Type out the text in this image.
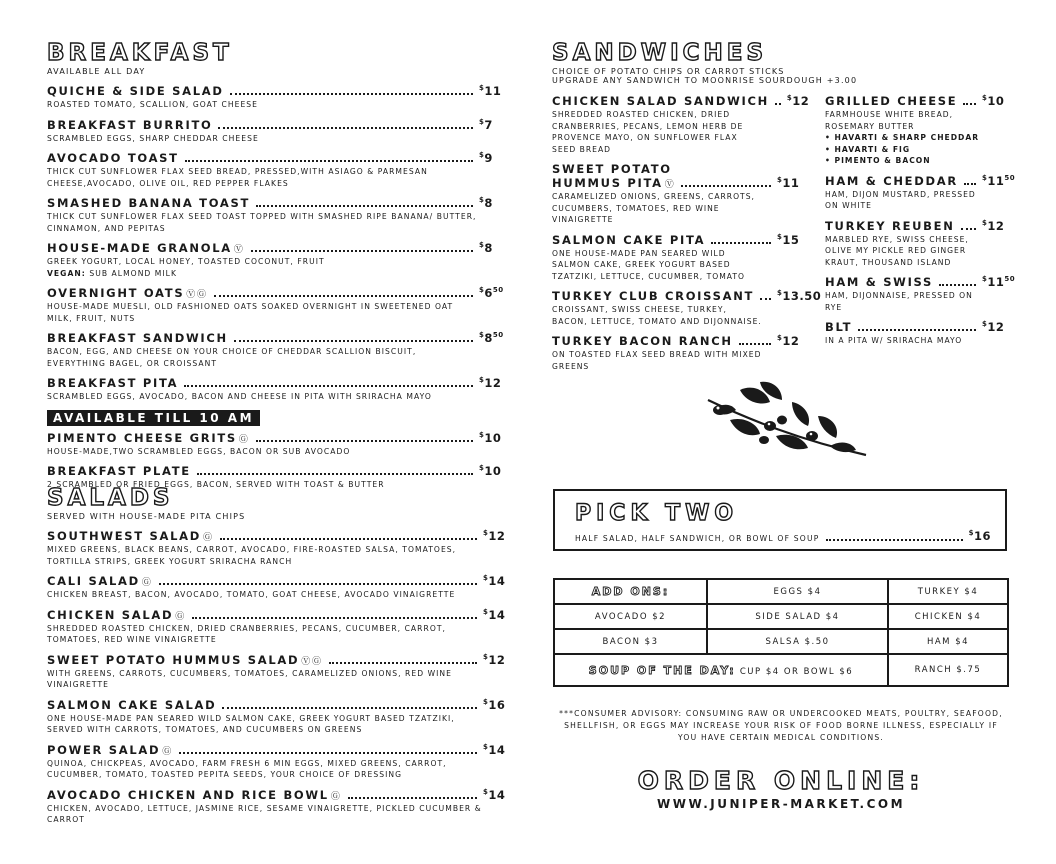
BREAKFAST
AVAILABLE ALL DAY
QUICHE & SIDE SALAD	$11
ROASTED TOMATO, SCALLION, GOAT CHEESE
BREAKFAST BURRITO	$7
SCRAMBLED EGGS, SHARP CHEDDAR CHEESE
AVOCADO TOAST	$9
THICK CUT SUNFLOWER FLAX SEED BREAD, PRESSED,WITH ASIAGO & PARMESAN CHEESE,AVOCADO, OLIVE OIL, RED PEPPER FLAKES
SMASHED BANANA TOAST	$8
THICK CUT SUNFLOWER FLAX SEED TOAST TOPPED WITH SMASHED RIPE BANANA/ BUTTER, CINNAMON, AND PEPITAS
HOUSE-MADE GRANOLA Ⓥ	$8
GREEK YOGURT, LOCAL HONEY, TOASTED COCONUT, FRUIT
VEGAN: SUB ALMOND MILK
OVERNIGHT OATS ⓋⒼ	$^{\$}6^{50}$
HOUSE-MADE MUESLI, OLD FASHIONED OATS SOAKED OVERNIGHT IN SWEETENED OAT MILK, FRUIT, NUTS
BREAKFAST SANDWICH	$^{\$}8^{50}$
BACON, EGG, AND CHEESE ON YOUR CHOICE OF CHEDDAR SCALLION BISCUIT, EVERYTHING BAGEL, OR CROISSANT
BREAKFAST PITA	$12
SCRAMBLED EGGS, AVOCADO, BACON AND CHEESE IN PITA WITH SRIRACHA MAYO
AVAILABLE TILL 10 AM
PIMENTO CHEESE GRITS Ⓖ	$10
HOUSE-MADE,TWO SCRAMBLED EGGS, BACON OR SUB AVOCADO
BREAKFAST PLATE	$10
2 SCRAMBLED OR FRIED EGGS, BACON, SERVED WITH TOAST & BUTTER
SALADS
SERVED WITH HOUSE-MADE PITA CHIPS
SOUTHWEST SALAD Ⓖ	$12
MIXED GREENS, BLACK BEANS, CARROT, AVOCADO, FIRE-ROASTED SALSA, TOMATOES, TORTILLA STRIPS, GREEK YOGURT SRIRACHA RANCH
CALI SALAD Ⓖ	$14
CHICKEN BREAST, BACON, AVOCADO, TOMATO, GOAT CHEESE, AVOCADO VINAIGRETTE
CHICKEN SALAD Ⓖ	$14
SHREDDED ROASTED CHICKEN, DRIED CRANBERRIES, PECANS, CUCUMBER, CARROT, TOMATOES, RED WINE VINAIGRETTE
SWEET POTATO HUMMUS SALAD ⓋⒼ	$12
WITH GREENS, CARROTS, CUCUMBERS, TOMATOES, CARAMELIZED ONIONS, RED WINE VINAIGRETTE
SALMON CAKE SALAD	$16
ONE HOUSE-MADE PAN SEARED WILD SALMON CAKE, GREEK YOGURT BASED TZATZIKI, SERVED WITH CARROTS, TOMATOES, AND CUCUMBERS ON GREENS
POWER SALAD Ⓖ	$14
QUINOA, CHICKPEAS, AVOCADO, FARM FRESH 6 MIN EGGS, MIXED GREENS, CARROT, CUCUMBER, TOMATO, TOASTED PEPITA SEEDS, YOUR CHOICE OF DRESSING
AVOCADO CHICKEN AND RICE BOWL Ⓖ	$14
CHICKEN, AVOCADO, LETTUCE, JASMINE RICE, SESAME VINAIGRETTE, PICKLED CUCUMBER & CARROT
SANDWICHES
CHOICE OF POTATO CHIPS OR CARROT STICKS
UPGRADE ANY SANDWICH TO MOONRISE SOURDOUGH +3.00
CHICKEN SALAD SANDWICH	$12
SHREDDED ROASTED CHICKEN, DRIED CRANBERRIES, PECANS, LEMON HERB DE PROVENCE MAYO, ON SUNFLOWER FLAX SEED BREAD
SWEET POTATO
HUMMUS PITA Ⓥ	$11
CARAMELIZED ONIONS, GREENS, CARROTS, CUCUMBERS, TOMATOES, RED WINE VINAIGRETTE
SALMON CAKE PITA	$15
ONE HOUSE-MADE PAN SEARED WILD SALMON CAKE, GREEK YOGURT BASED TZATZIKI, LETTUCE, CUCUMBER, TOMATO
TURKEY CLUB CROISSANT	$13.50
CROISSANT, SWISS CHEESE, TURKEY, BACON, LETTUCE, TOMATO AND DIJONNAISE.
TURKEY BACON RANCH	$12
ON TOASTED FLAX SEED BREAD WITH MIXED GREENS
GRILLED CHEESE	$10
FARMHOUSE WHITE BREAD, ROSEMARY BUTTER
• HAVARTI & SHARP CHEDDAR
• HAVARTI & FIG
• PIMENTO & BACON
HAM & CHEDDAR	$^{\$}11^{50}$
HAM, DIJON MUSTARD, PRESSED ON WHITE
TURKEY REUBEN	$12
MARBLED RYE, SWISS CHEESE, OLIVE MY PICKLE RED GINGER KRAUT, THOUSAND ISLAND
HAM & SWISS	$^{\$}11^{50}$
HAM, DIJONNAISE, PRESSED ON RYE
BLT	$12
IN A PITA W/ SRIRACHA MAYO
PICK TWO
HALF SALAD, HALF SANDWICH, OR BOWL OF SOUP
$16
ADD ONS:	EGGS $4	TURKEY $4
AVOCADO $2	SIDE SALAD $4	CHICKEN $4
BACON $3	SALSA $.50	HAM $4
SOUP OF THE DAY: CUP $4 OR BOWL $6		RANCH $.75
***CONSUMER ADVISORY: CONSUMING RAW OR UNDERCOOKED MEATS, POULTRY, SEAFOOD, SHELLFISH, OR EGGS MAY INCREASE YOUR RISK OF FOOD BORNE ILLNESS, ESPECIALLY IF YOU HAVE CERTAIN MEDICAL CONDITIONS.
ORDER ONLINE:
WWW.JUNIPER-MARKET.COM
